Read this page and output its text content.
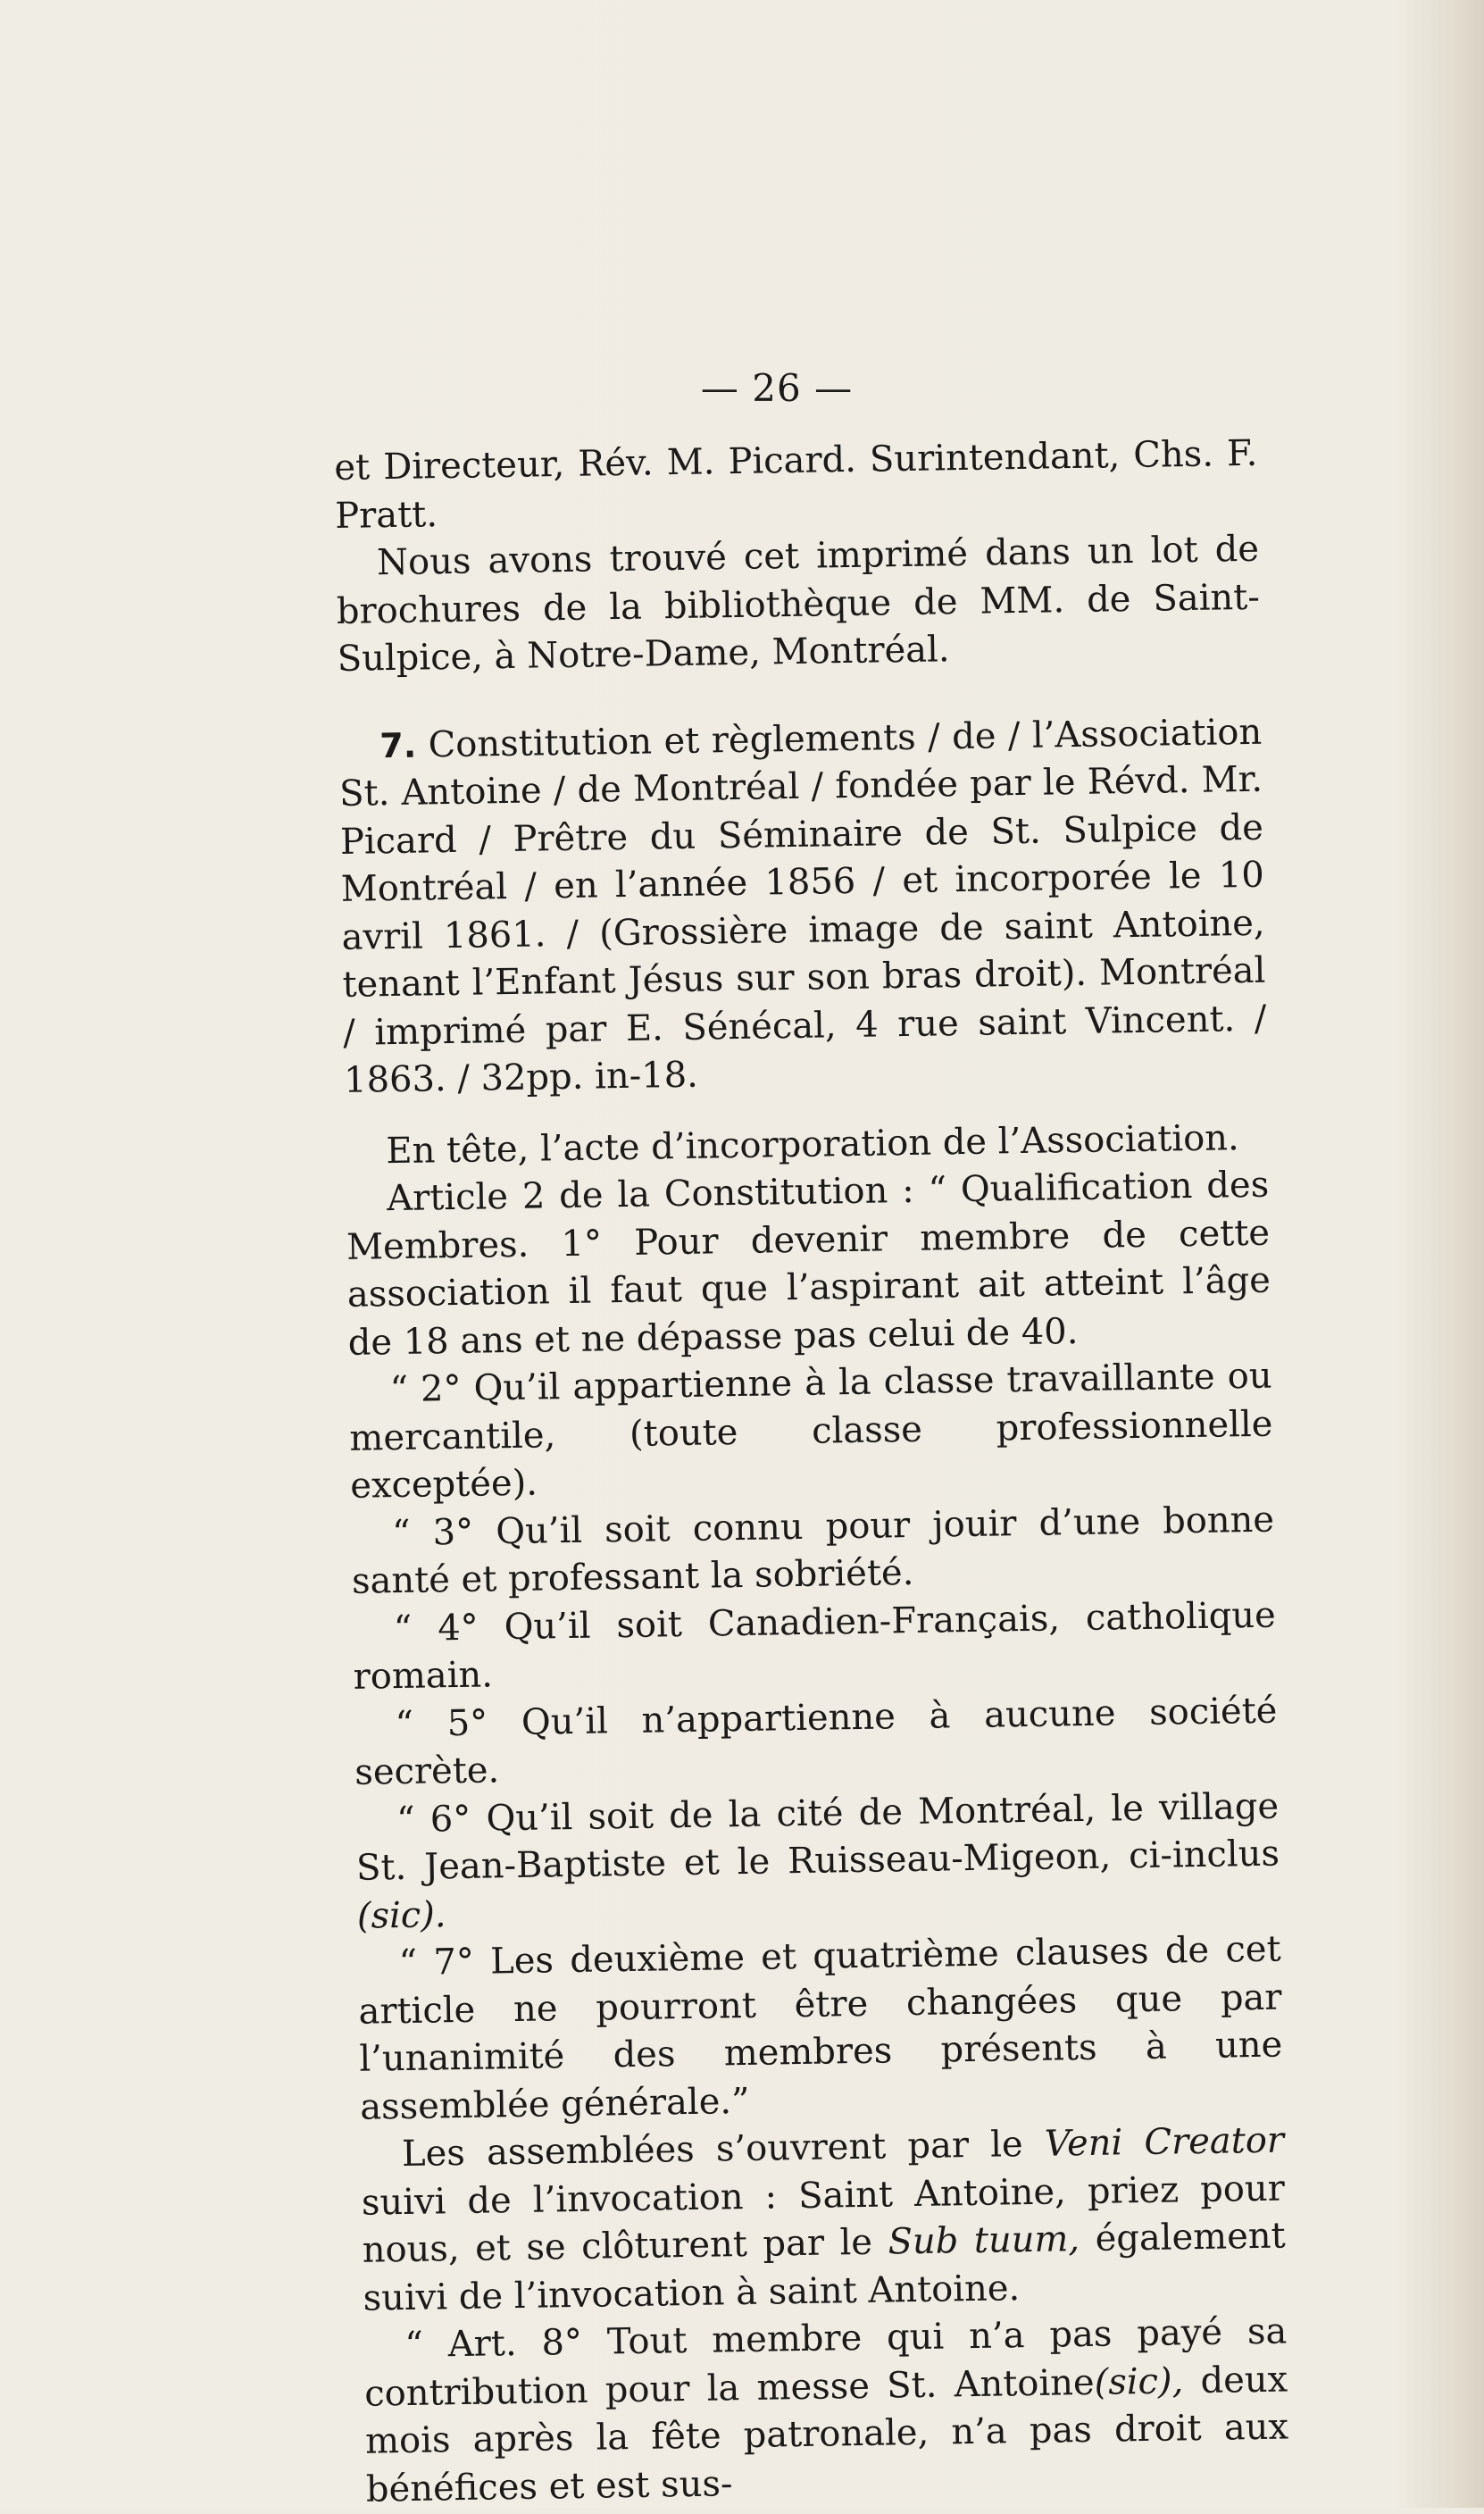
— 26 —

et Directeur, Rév. M. Picard. Surintendant, Chs. F. Pratt.

Nous avons trouvé cet imprimé dans un lot de brochures de la bibliothèque de MM. de Saint-Sulpice, à Notre-Dame, Montréal.

7. Constitution et règlements / de / l’Association St. Antoine / de Montréal / fondée par le Révd. Mr. Picard / Prêtre du Séminaire de St. Sulpice de Montréal / en l’année 1856 / et incorporée le 10 avril 1861. / (Grossière image de saint Antoine, tenant l’Enfant Jésus sur son bras droit). Montréal / imprimé par E. Sénécal, 4 rue saint Vincent. / 1863. / 32pp. in-18.

En tête, l’acte d’incorporation de l’Association.

Article 2 de la Constitution : “ Qualification des Membres. 1° Pour devenir membre de cette association il faut que l’aspirant ait atteint l’âge de 18 ans et ne dépasse pas celui de 40.

“ 2° Qu’il appartienne à la classe travaillante ou mercantile, (toute classe professionnelle exceptée).

“ 3° Qu’il soit connu pour jouir d’une bonne santé et professant la sobriété.

“ 4° Qu’il soit Canadien-Français, catholique romain.

“ 5° Qu’il n’appartienne à aucune société secrète.

“ 6° Qu’il soit de la cité de Montréal, le village St. Jean-Baptiste et le Ruisseau-Migeon, ci-inclus (sic).

“ 7° Les deuxième et quatrième clauses de cet article ne pourront être changées que par l’unanimité des membres présents à une assemblée générale.”

Les assemblées s’ouvrent par le Veni Creator suivi de l’invocation : Saint Antoine, priez pour nous, et se clôturent par le Sub tuum, également suivi de l’invocation à saint Antoine.

“ Art. 8° Tout membre qui n’a pas payé sa contribution pour la messe St. Antoine(sic), deux mois après la fête patronale, n’a pas droit aux bénéfices et est sus-
